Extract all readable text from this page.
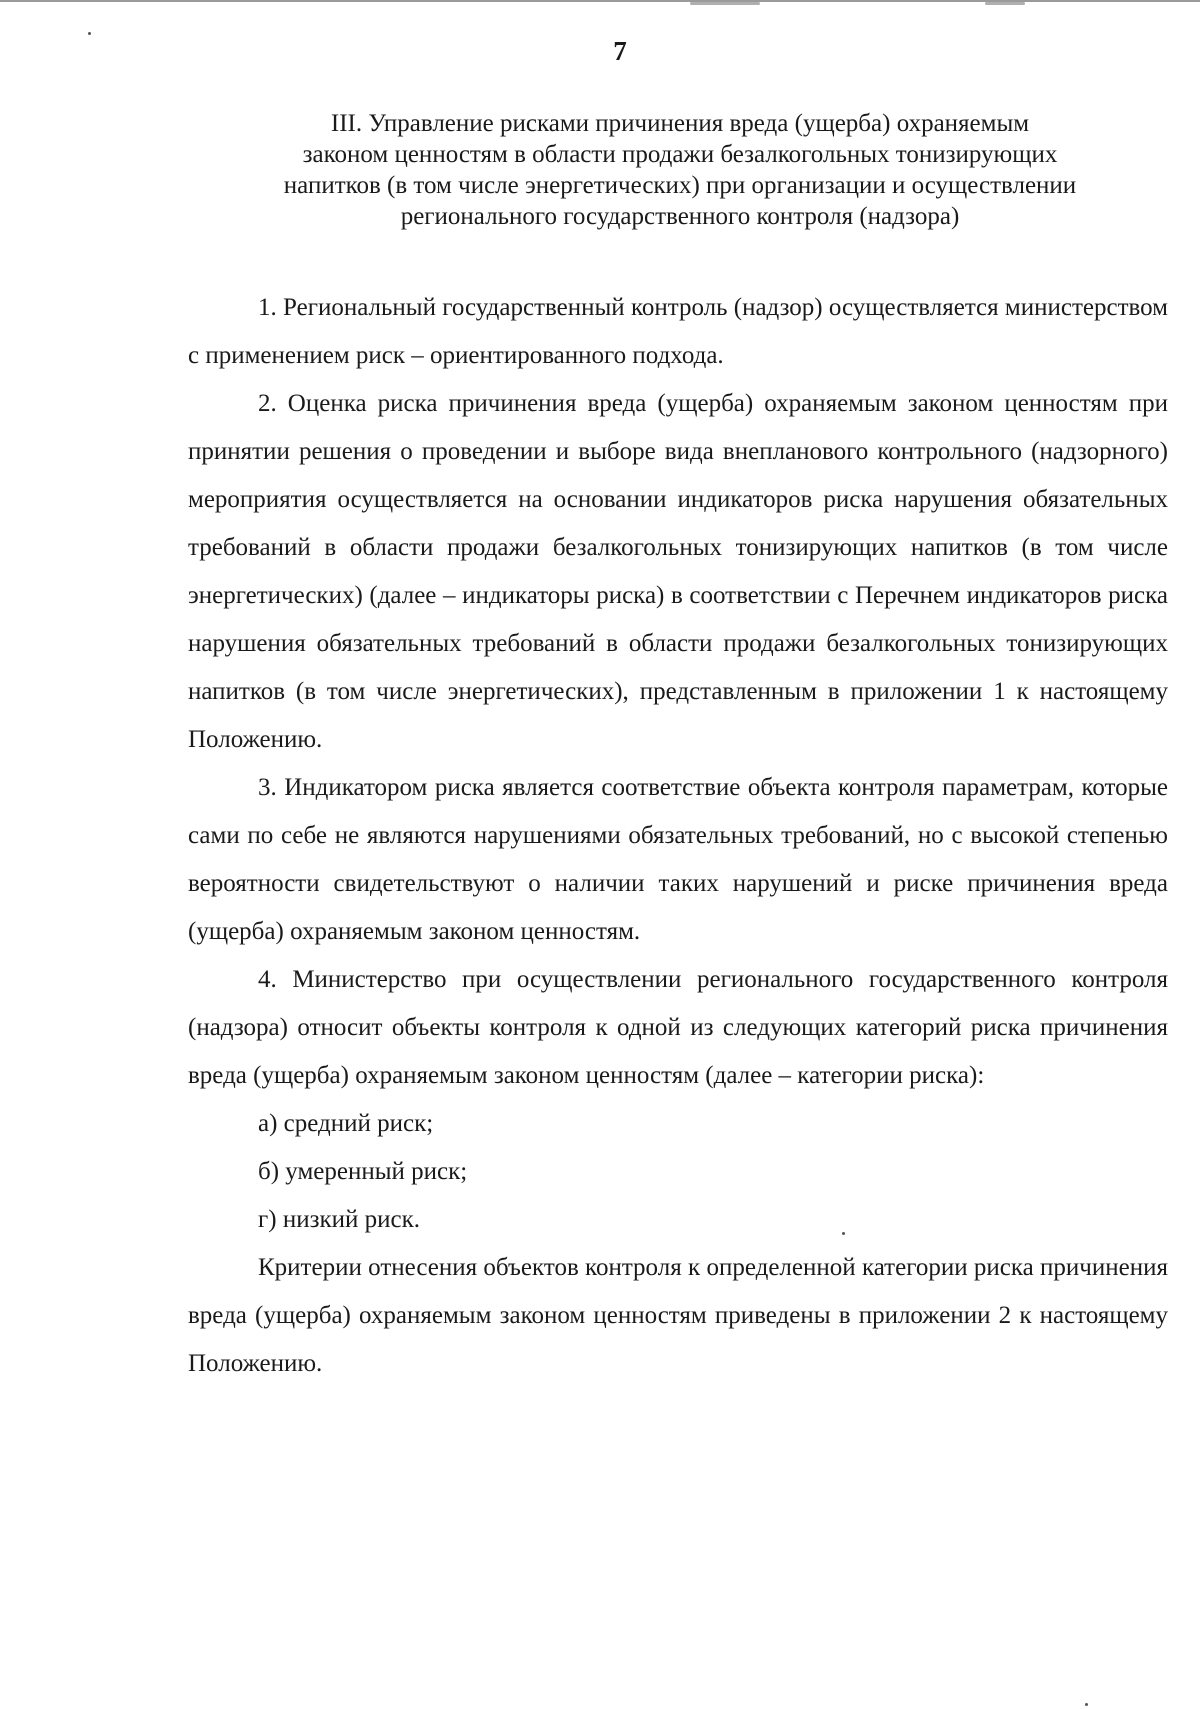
7
III. Управление рисками причинения вреда (ущерба) охраняемым
законом ценностям в области продажи безалкогольных тонизирующих
напитков (в том числе энергетических) при организации и осуществлении
регионального государственного контроля (надзора)

1. Региональный государственный контроль (надзор) осуществляется министерством с применением риск – ориентированного подхода.

2. Оценка риска причинения вреда (ущерба) охраняемым законом ценностям при принятии решения о проведении и выборе вида внепланового контрольного (надзорного) мероприятия осуществляется на основании индикаторов риска нарушения обязательных требований в области продажи безалкогольных тонизирующих напитков (в том числе энергетических) (далее – индикаторы риска) в соответствии с Перечнем индикаторов риска нарушения обязательных требований в области продажи безалкогольных тонизирующих напитков (в том числе энергетических), представленным в приложении 1 к настоящему Положению.

3. Индикатором риска является соответствие объекта контроля параметрам, которые сами по себе не являются нарушениями обязательных требований, но с высокой степенью вероятности свидетельствуют о наличии таких нарушений и риске причинения вреда (ущерба) охраняемым законом ценностям.

4. Министерство при осуществлении регионального государственного контроля (надзора) относит объекты контроля к одной из следующих категорий риска причинения вреда (ущерба) охраняемым законом ценностям (далее – категории риска):

а) средний риск;

б) умеренный риск;

г) низкий риск.

Критерии отнесения объектов контроля к определенной категории риска причинения вреда (ущерба) охраняемым законом ценностям приведены в приложении 2 к настоящему Положению.
